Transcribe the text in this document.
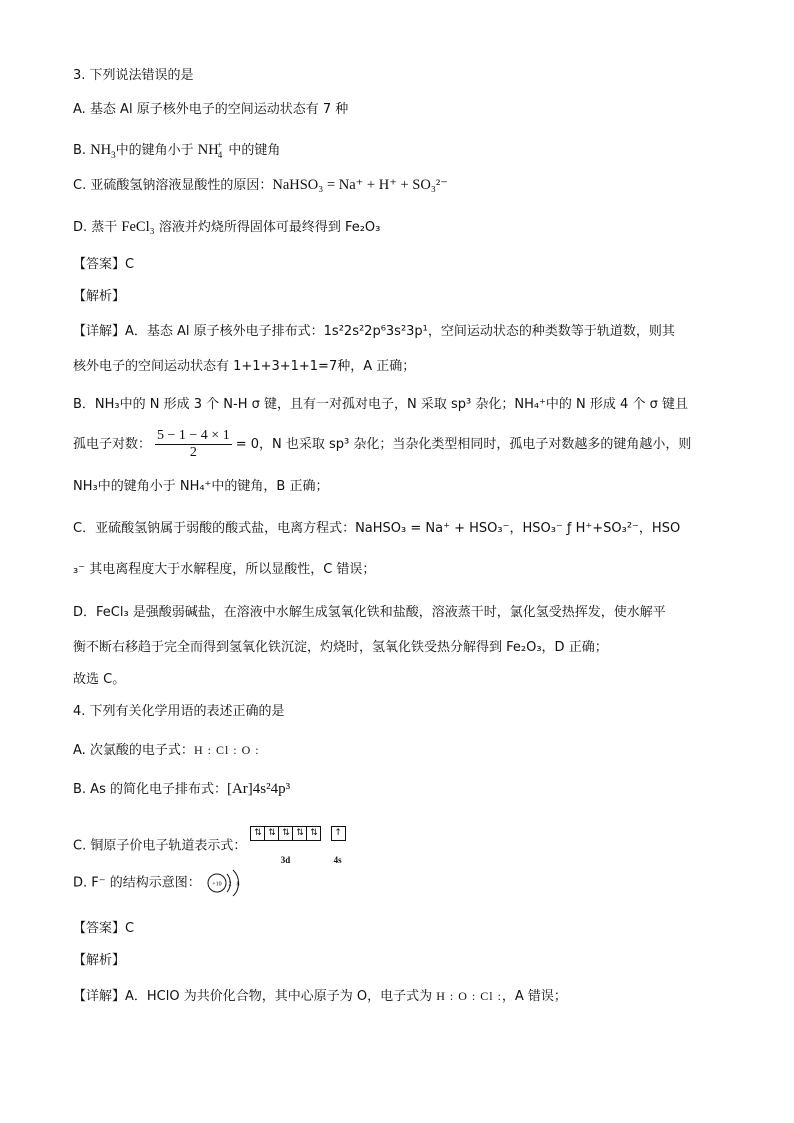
3. 下列说法错误的是
A. 基态 Al 原子核外电子的空间运动状态有 7 种
B. $NH_3$中的键角小于 $NH_4^+$ 中的键角
C. 亚硫酸氢钠溶液显酸性的原因：NaHSO₃ = Na⁺ + H⁺ + SO₃²⁻
D. 蒸干 FeCl₃ 溶液并灼烧所得固体可最终得到 Fe₂O₃
【答案】C
【解析】
【详解】A．基态 Al 原子核外电子排布式：1s²2s²2p⁶3s²3p¹，空间运动状态的种类数等于轨道数，则其
核外电子的空间运动状态有 1+1+3+1+1=7种，A 正确；
B．NH₃中的 N 形成 3 个 N-H σ 键，且有一对孤对电子，N 采取 sp³ 杂化；NH₄⁺中的 N 形成 4 个 σ 键且
孤电子对数： $\frac{5 - 1 - 4 \times 1}{2} = 0$，N 也采取 sp³ 杂化；当杂化类型相同时，孤电子对数越多的键角越小，则
NH₃中的键角小于 NH₄⁺中的键角，B 正确；
C．亚硫酸氢钠属于弱酸的酸式盐，电离方程式：NaHSO₃ = Na⁺ + HSO₃⁻，HSO₃⁻ ƒ H⁺+SO₃²⁻，HSO
₃⁻ 其电离程度大于水解程度，所以显酸性，C 错误；
D．FeCl₃ 是强酸弱碱盐，在溶液中水解生成氢氧化铁和盐酸，溶液蒸干时，氯化氢受热挥发，使水解平
衡不断右移趋于完全而得到氢氧化铁沉淀，灼烧时，氢氧化铁受热分解得到 Fe₂O₃，D 正确；
故选 C。
4. 下列有关化学用语的表述正确的是
A. 次氯酸的电子式：H : Cl : O :
B. As 的简化电子排布式：[Ar]4s²4p³
C. 铜原子价电子轨道表示式： ⇅ ⇅ ⇅ ⇅ ⇅
3d
↑
4s
D. F⁻ 的结构示意图： +10 2 8
【答案】C
【解析】
【详解】A．HClO 为共价化合物，其中心原子为 O，电子式为 H : O : Cl :，A 错误；
